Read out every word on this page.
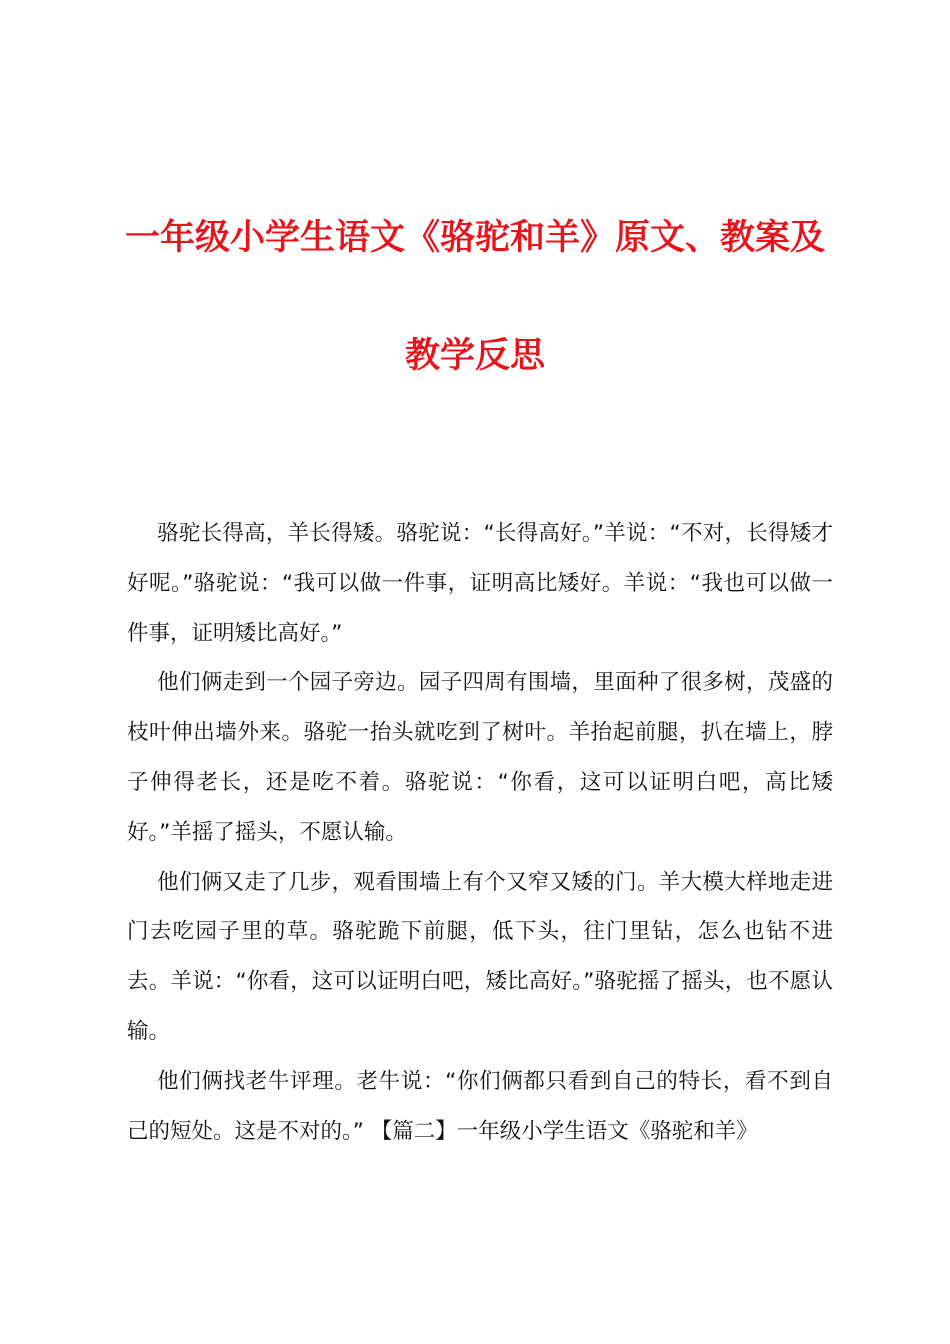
一年级小学生语文《骆驼和羊》原文、教案及
教学反思

骆驼长得高，羊长得矮。骆驼说：“长得高好。”羊说：“不对，长得矮才好呢。”骆驼说：“我可以做一件事，证明高比矮好。羊说：“我也可以做一件事，证明矮比高好。”

他们俩走到一个园子旁边。园子四周有围墙，里面种了很多树，茂盛的枝叶伸出墙外来。骆驼一抬头就吃到了树叶。羊抬起前腿，扒在墙上，脖子伸得老长，还是吃不着。骆驼说：“你看，这可以证明白吧，高比矮好。”羊摇了摇头，不愿认输。

他们俩又走了几步，观看围墙上有个又窄又矮的门。羊大模大样地走进门去吃园子里的草。骆驼跪下前腿，低下头，往门里钻，怎么也钻不进去。羊说：“你看，这可以证明白吧，矮比高好。”骆驼摇了摇头，也不愿认输。

他们俩找老牛评理。老牛说：“你们俩都只看到自己的特长，看不到自己的短处。这是不对的。” 【篇二】一年级小学生语文《骆驼和羊》
